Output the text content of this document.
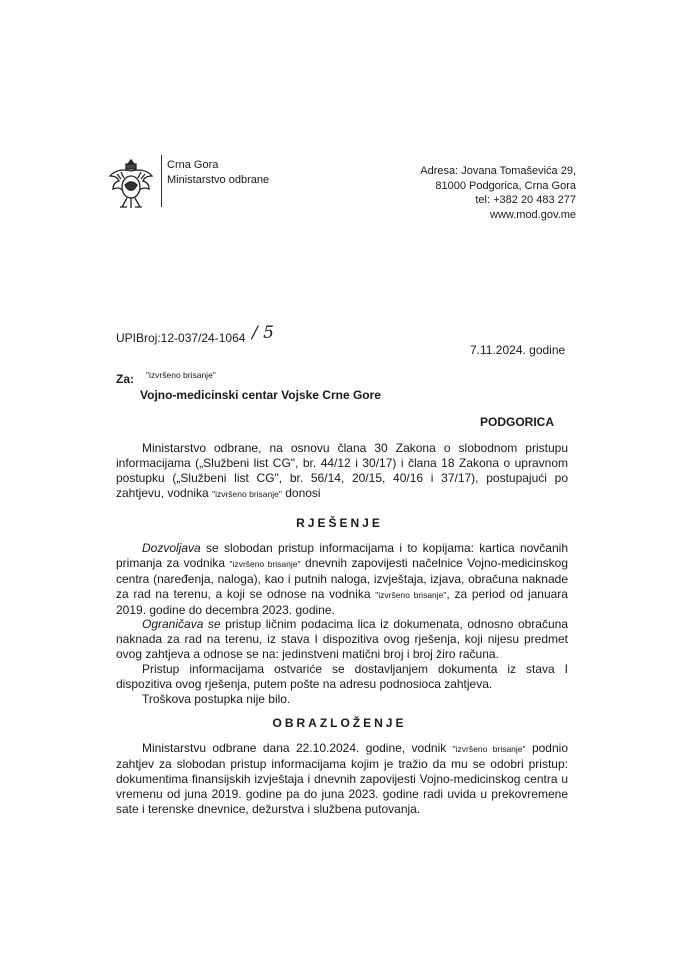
Crna Gora
Ministarstvo odbrane
Adresa: Jovana Tomaševića 29,
81000 Podgorica, Crna Gora
tel: +382 20 483 277
www.mod.gov.me
UPIBroj:12-037/24-1064 / 5
7.11.2024. godine
Za: "izvršeno brisanje"
Vojno-medicinski centar Vojske Crne Gore
PODGORICA
Ministarstvo odbrane, na osnovu člana 30 Zakona o slobodnom pristupu informacijama („Službeni list CG", br. 44/12 i 30/17) i člana 18 Zakona o upravnom postupku („Službeni list CG", br. 56/14, 20/15, 40/16 i 37/17), postupajući po zahtjevu, vodnika "izvršeno brisanje" donosi
RJEŠENJE
Dozvoljava se slobodan pristup informacijama i to kopijama: kartica novčanih primanja za vodnika "izvršeno brisanje" dnevnih zapovijesti načelnice Vojno-medicinskog centra (naređenja, naloga), kao i putnih naloga, izvještaja, izjava, obračuna naknade za rad na terenu, a koji se odnose na vodnika "izvršeno brisanje", za period od januara 2019. godine do decembra 2023. godine.
Ograničava se pristup ličnim podacima lica iz dokumenata, odnosno obračuna naknada za rad na terenu, iz stava I dispozitiva ovog rješenja, koji nijesu predmet ovog zahtjeva a odnose se na: jedinstveni matični broj i broj žiro računa.
Pristup informacijama ostvariće se dostavljanjem dokumenta iz stava I dispozitiva ovog rješenja, putem pošte na adresu podnosioca zahtjeva.
Troškova postupka nije bilo.
OBRAZLOŽENJE
Ministarstvu odbrane dana 22.10.2024. godine, vodnik "izvršeno brisanje" podnio zahtjev za slobodan pristup informacijama kojim je tražio da mu se odobri pristup: dokumentima finansijskih izvještaja i dnevnih zapovijesti Vojno-medicinskog centra u vremenu od juna 2019. godine pa do juna 2023. godine radi uvida u prekovremene sate i terenske dnevnice, dežurstva i službena putovanja.
